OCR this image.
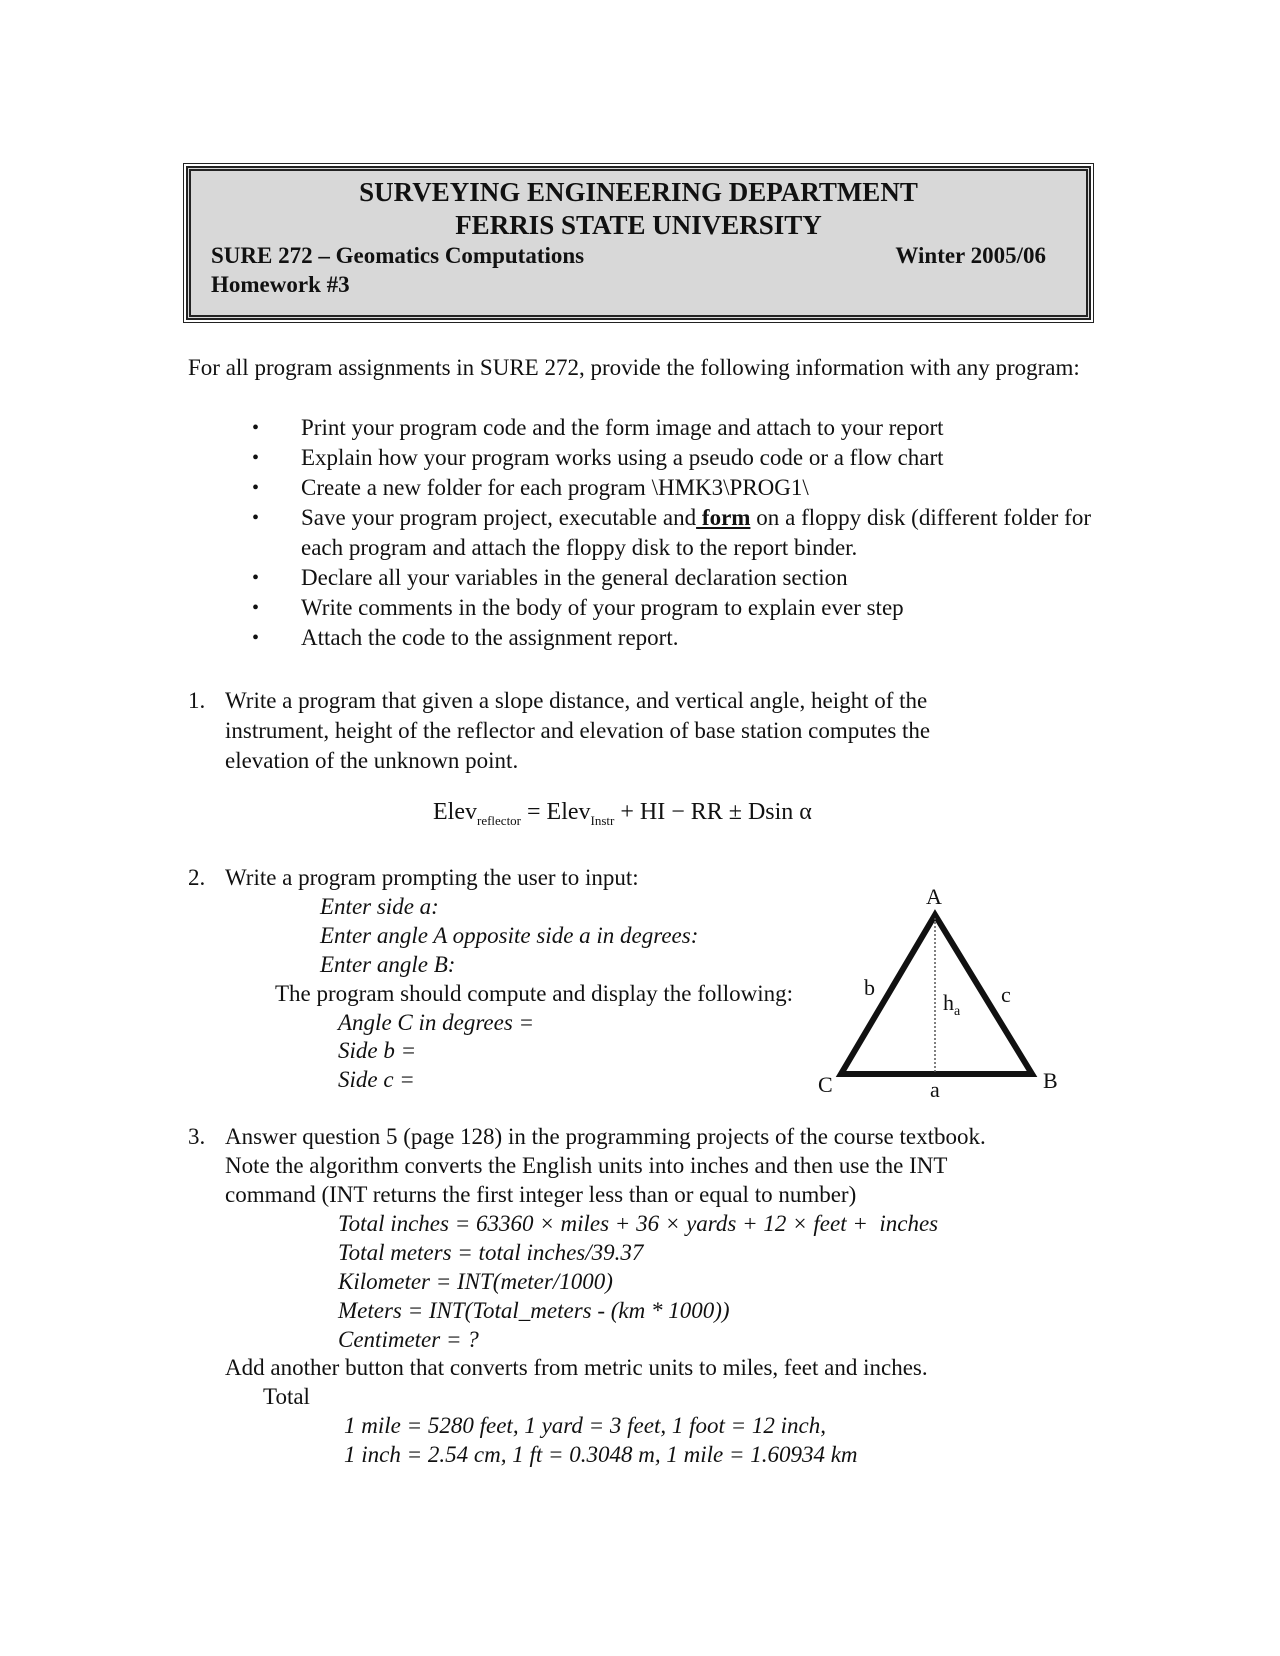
SURVEYING ENGINEERING DEPARTMENT
FERRIS STATE UNIVERSITY
SURE 272 – Geomatics Computations	Winter 2005/06
Homework #3
For all program assignments in SURE 272, provide the following information with any program:
• Print your program code and the form image and attach to your report
• Explain how your program works using a pseudo code or a flow chart
• Create a new folder for each program \HMK3\PROG1\
• Save your program project, executable and form on a floppy disk (different folder for each program and attach the floppy disk to the report binder.
• Declare all your variables in the general declaration section
• Write comments in the body of your program to explain ever step
• Attach the code to the assignment report.
1. Write a program that given a slope distance, and vertical angle, height of the instrument, height of the reflector and elevation of base station computes the elevation of the unknown point.
Elev$_{reflector}$ = Elev$_{Instr}$ + HI − RR ± Dsin α
2. Write a program prompting the user to input:
Enter side a:
Enter angle A opposite side a in degrees:
Enter angle B:
The program should compute and display the following:
Angle C in degrees =
Side b =
Side c =
A
B
C	a
b	c
$h_a$
3. Answer question 5 (page 128) in the programming projects of the course textbook.
Note the algorithm converts the English units into inches and then use the INT
command (INT returns the first integer less than or equal to number)
Total inches = 63360 × miles + 36 × yards + 12 × feet +  inches
Total meters = total inches/39.37
Kilometer = INT(meter/1000)
Meters = INT(Total_meters - (km * 1000))
Centimeter = ?
Add another button that converts from metric units to miles, feet and inches.
Total
1 mile = 5280 feet, 1 yard = 3 feet, 1 foot = 12 inch,
1 inch = 2.54 cm, 1 ft = 0.3048 m, 1 mile = 1.60934 km
